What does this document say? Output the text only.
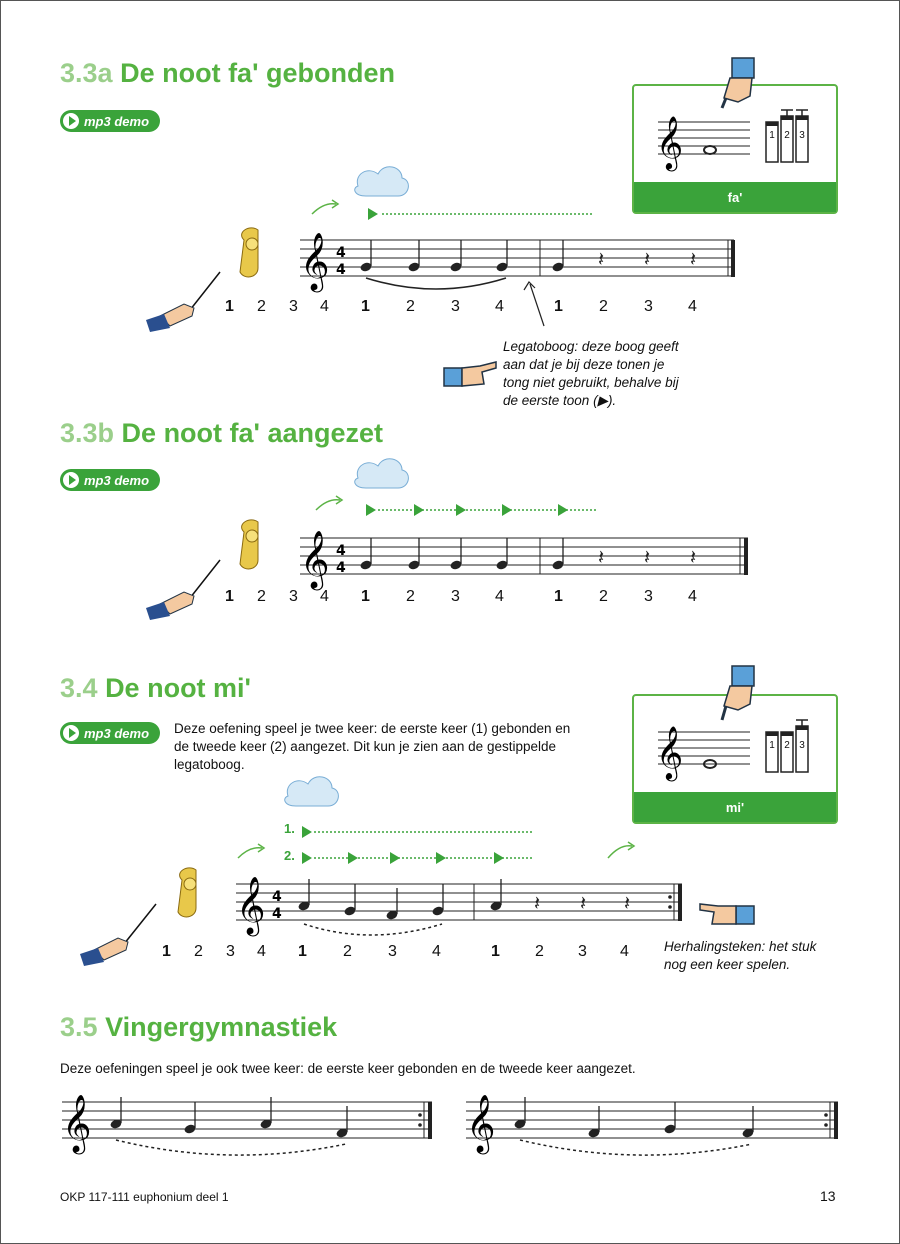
3.3a De noot fa' gebonden
mp3 demo	𝄞	1 2 3
fa'
𝄞 4
4	𝄽 𝄽 𝄽
1 2 3 4 1 2 3 4	1 2 3 4
Legatoboog: deze boog geeft
aan dat je bij deze tonen je
tong niet gebruikt, behalve bij
de eerste toon (▶).
3.3b De noot fa' aangezet
mp3 demo
𝄞 4
4	𝄽 𝄽 𝄽
1 2 3 4 1 2 3 4	1 2 3 4
3.4 De noot mi'
mp3 demo Deze oefening speel je twee keer: de eerste keer (1) gebonden en
de tweede keer (2) aangezet. Dit kun je zien aan de gestippelde
legatoboog.	𝄞	1 2 3
mi'
1.
2.
𝄞 4
4	𝄽 𝄽 𝄽
1 2 3 4 1 2 3 4	1 2 3 4	Herhalingsteken: het stuk
nog een keer spelen.
3.5 Vingergymnastiek
Deze oefeningen speel je ook twee keer: de eerste keer gebonden en de tweede keer aangezet.
𝄞	𝄞
OKP 117-111 euphonium deel 1	13
